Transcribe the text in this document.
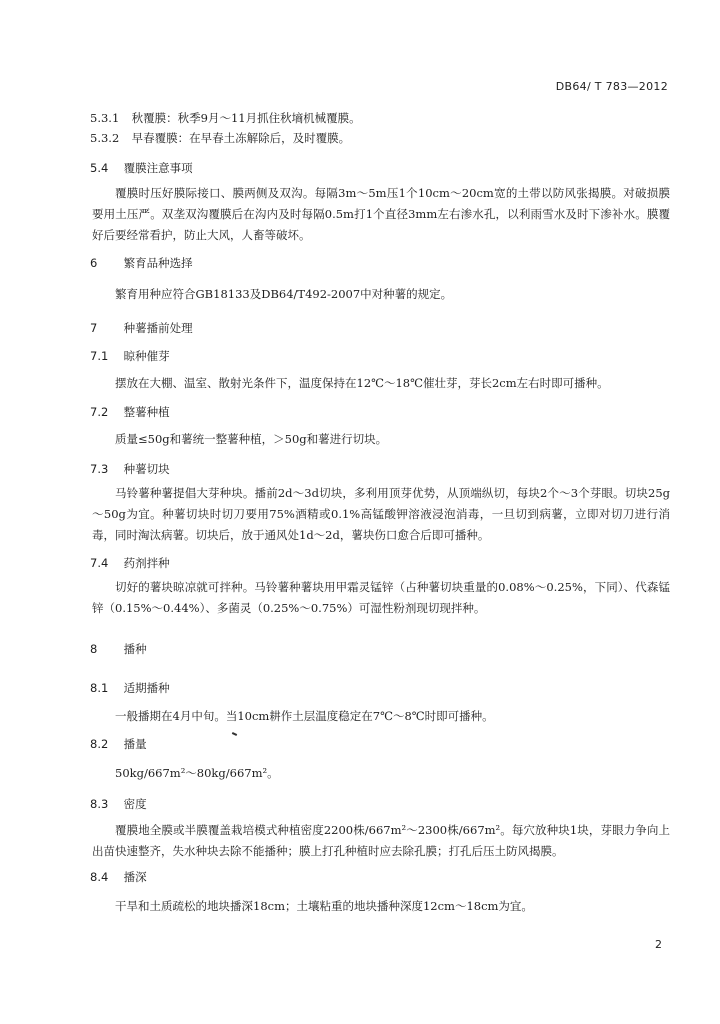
DB64/ T 783—2012
5.3.1 秋覆膜：秋季9月～11月抓住秋墒机械覆膜。
5.3.2 早春覆膜：在早春土冻解除后，及时覆膜。
5.4 覆膜注意事项
覆膜时压好膜际接口、膜两侧及双沟。每隔3m～5m压1个10cm～20cm宽的土带以防风张揭膜。对破损膜要用土压严。双垄双沟覆膜后在沟内及时每隔0.5m打1个直径3mm左右渗水孔，以利雨雪水及时下渗补水。膜覆好后要经常看护，防止大风，人畜等破坏。
6 繁育品种选择
繁育用种应符合GB18133及DB64/T492-2007中对种薯的规定。
7 种薯播前处理
7.1 晾种催芽
摆放在大棚、温室、散射光条件下，温度保持在12℃～18℃催壮芽，芽长2cm左右时即可播种。
7.2 整薯种植
质量≤50g和薯统一整薯种植，＞50g和薯进行切块。
7.3 种薯切块
马铃薯种薯提倡大芽种块。播前2d～3d切块，多利用顶芽优势，从顶端纵切，每块2个～3个芽眼。切块25g～50g为宜。种薯切块时切刀要用75%酒精或0.1%高锰酸钾溶液浸泡消毒，一旦切到病薯，立即对切刀进行消毒，同时淘汰病薯。切块后，放于通风处1d～2d，薯块伤口愈合后即可播种。
7.4 药剂拌种
切好的薯块晾凉就可拌种。马铃薯种薯块用甲霜灵锰锌（占种薯切块重量的0.08%～0.25%，下同）、代森锰锌（0.15%～0.44%）、多菌灵（0.25%～0.75%）可湿性粉剂现切现拌种。
8 播种
8.1 适期播种
一般播期在4月中旬。当10cm耕作土层温度稳定在7℃～8℃时即可播种。
8.2 播量
50kg/667m²～80kg/667m²。
8.3 密度
覆膜地全膜或半膜覆盖栽培模式种植密度2200株/667m²～2300株/667m²。每穴放种块1块，芽眼力争向上出苗快速整齐，失水种块去除不能播种；膜上打孔种植时应去除孔膜；打孔后压土防风揭膜。
8.4 播深
干旱和土质疏松的地块播深18cm；土壤粘重的地块播种深度12cm～18cm为宜。
2
